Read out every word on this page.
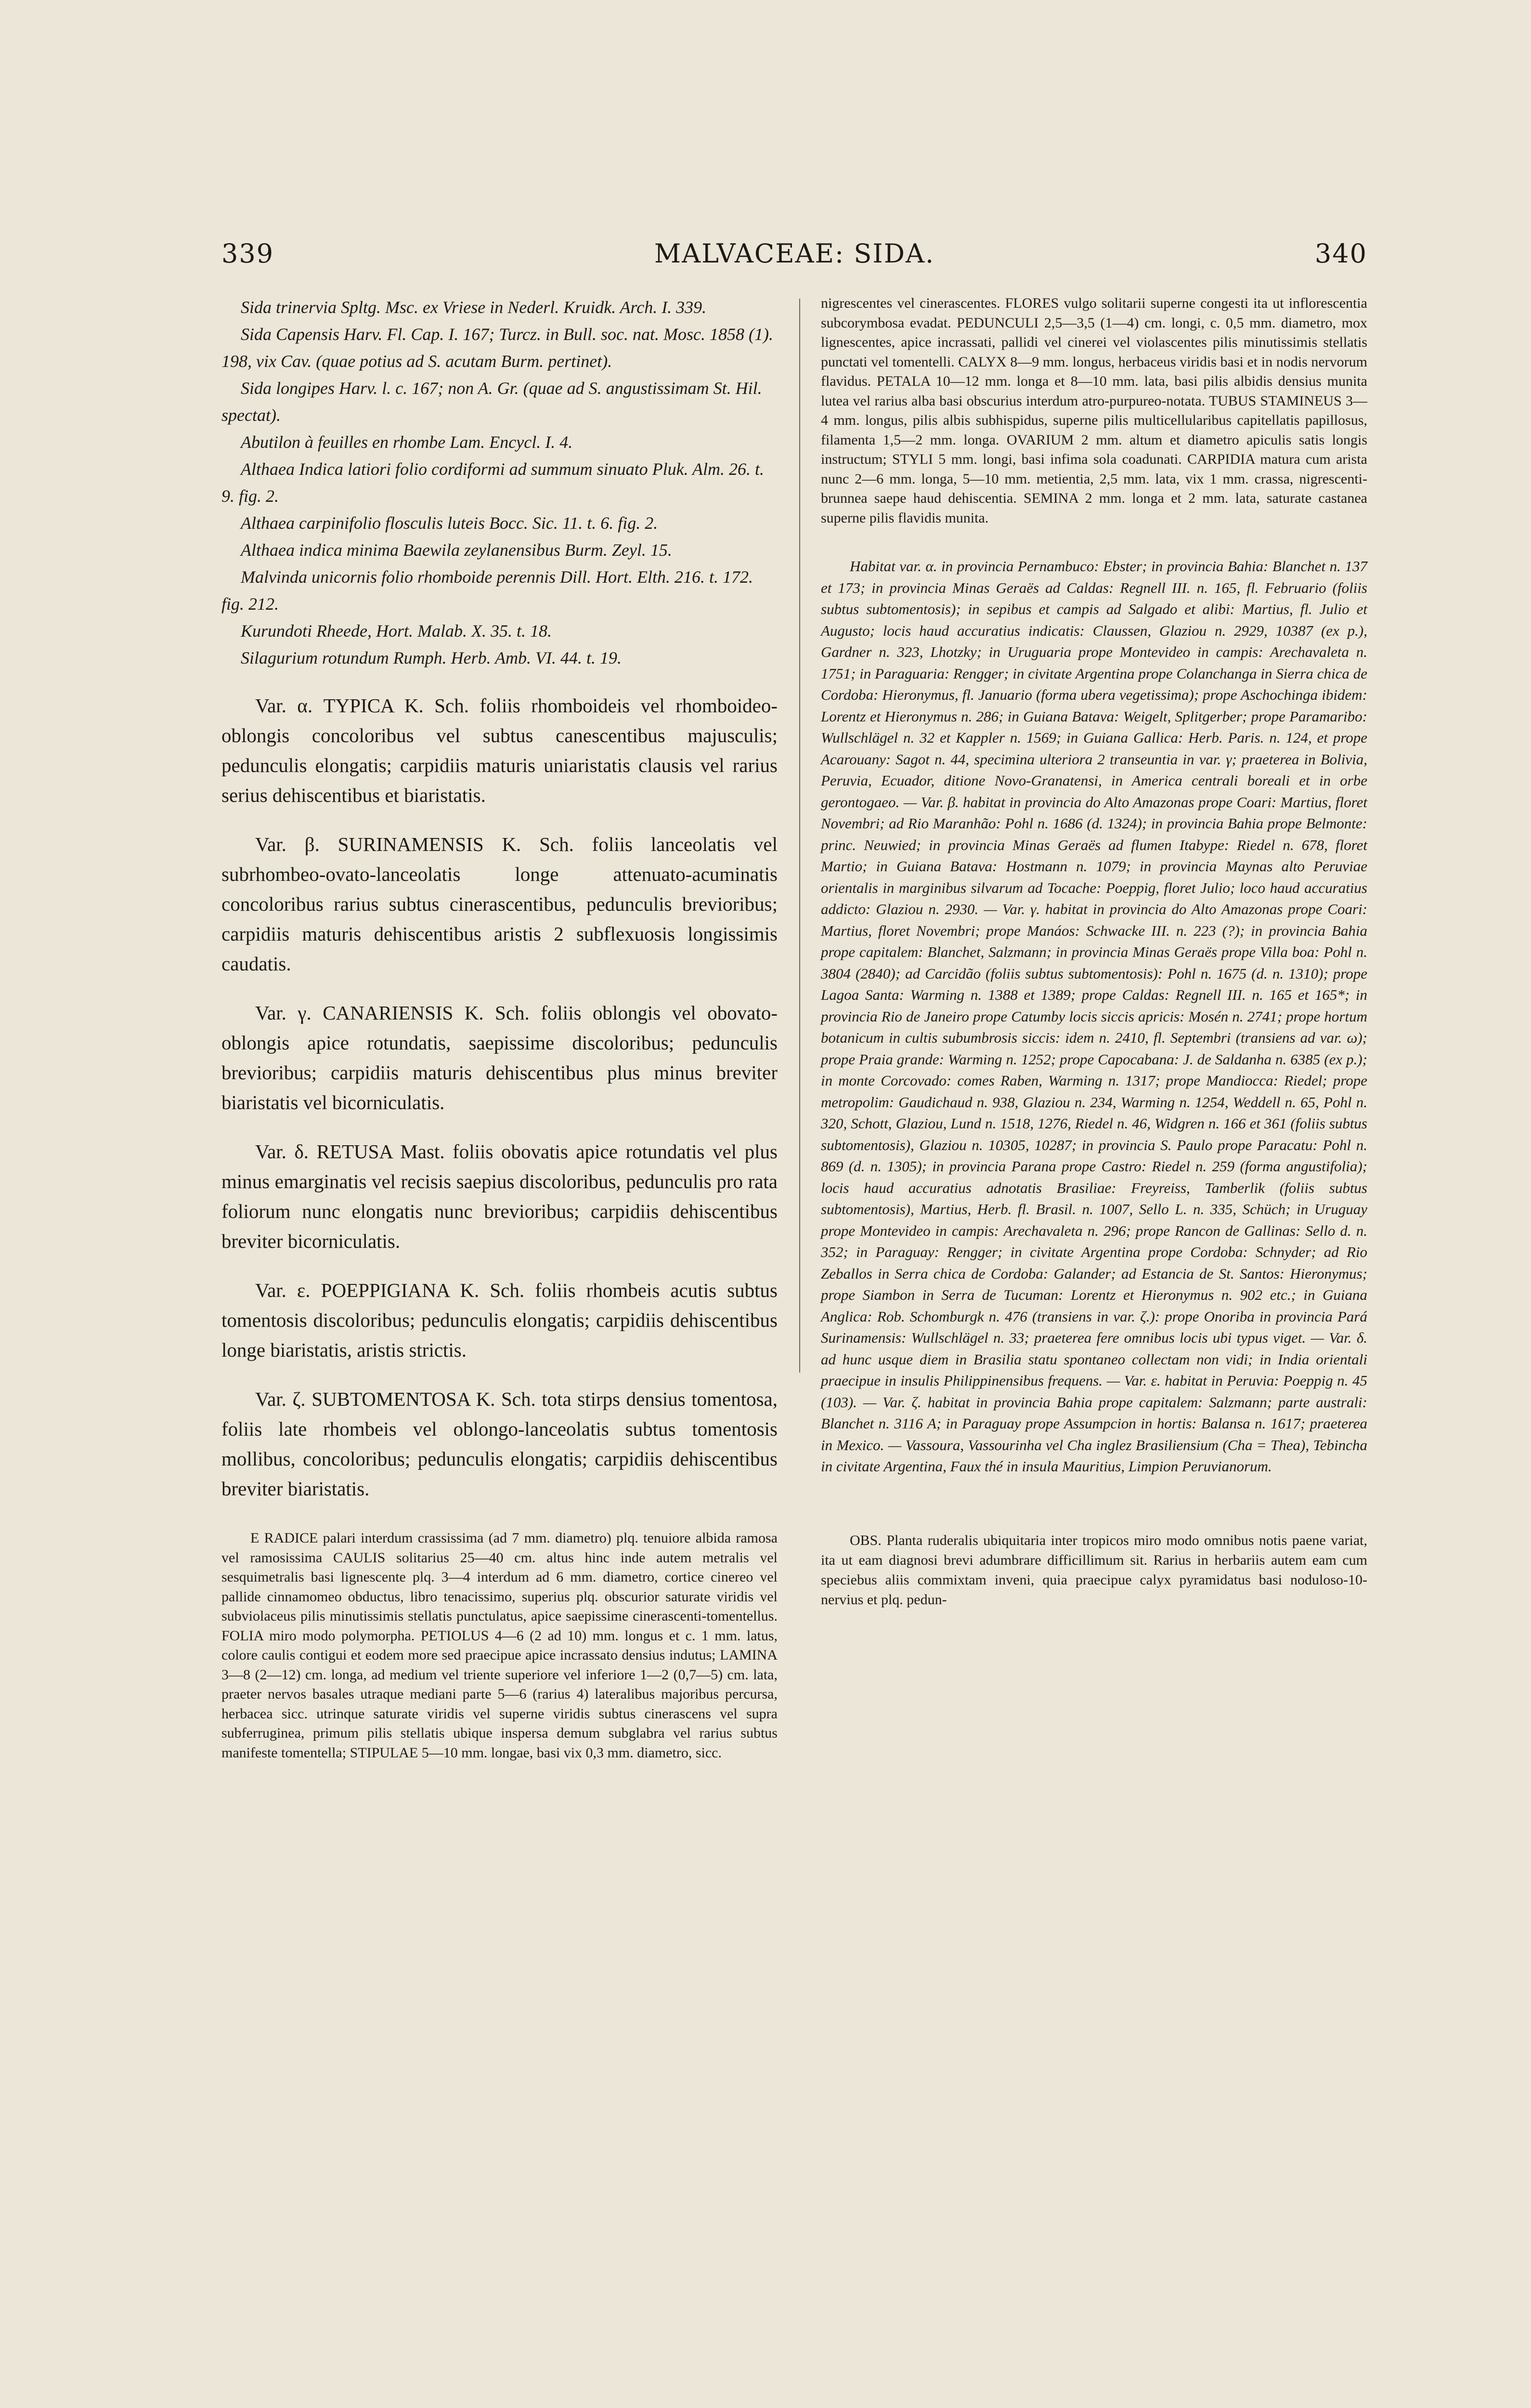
339	MALVACEAE: SIDA.	340

Sida trinervia Spltg. Msc. ex Vriese in Nederl. Kruidk. Arch. I. 339.

Sida Capensis Harv. Fl. Cap. I. 167; Turcz. in Bull. soc. nat. Mosc. 1858 (1). 198, vix Cav. (quae potius ad S. acutam Burm. pertinet).

Sida longipes Harv. l. c. 167; non A. Gr. (quae ad S. angustissimam St. Hil. spectat).

Abutilon à feuilles en rhombe Lam. Encycl. I. 4.

Althaea Indica latiori folio cordiformi ad summum sinuato Pluk. Alm. 26. t. 9. fig. 2.

Althaea carpinifolio flosculis luteis Bocc. Sic. 11. t. 6. fig. 2.

Althaea indica minima Baewila zeylanensibus Burm. Zeyl. 15.

Malvinda unicornis folio rhomboide perennis Dill. Hort. Elth. 216. t. 172. fig. 212.

Kurundoti Rheede, Hort. Malab. X. 35. t. 18.

Silagurium rotundum Rumph. Herb. Amb. VI. 44. t. 19.

Var. α. TYPICA K. Sch. foliis rhomboideis vel rhomboideo-oblongis concoloribus vel subtus canescentibus majusculis; pedunculis elongatis; carpidiis maturis uniaristatis clausis vel rarius serius dehiscentibus et biaristatis.

Var. β. SURINAMENSIS K. Sch. foliis lanceolatis vel subrhombeo-ovato-lanceolatis longe attenuato-acuminatis concoloribus rarius subtus cinerascentibus, pedunculis brevioribus; carpidiis maturis dehiscentibus aristis 2 subflexuosis longissimis caudatis.

Var. γ. CANARIENSIS K. Sch. foliis oblongis vel obovato-oblongis apice rotundatis, saepissime discoloribus; pedunculis brevioribus; carpidiis maturis dehiscentibus plus minus breviter biaristatis vel bicorniculatis.

Var. δ. RETUSA Mast. foliis obovatis apice rotundatis vel plus minus emarginatis vel recisis saepius discoloribus, pedunculis pro rata foliorum nunc elongatis nunc brevioribus; carpidiis dehiscentibus breviter bicorniculatis.

Var. ε. POEPPIGIANA K. Sch. foliis rhombeis acutis subtus tomentosis discoloribus; pedunculis elongatis; carpidiis dehiscentibus longe biaristatis, aristis strictis.

Var. ζ. SUBTOMENTOSA K. Sch. tota stirps densius tomentosa, foliis late rhombeis vel oblongo-lanceolatis subtus tomentosis mollibus, concoloribus; pedunculis elongatis; carpidiis dehiscentibus breviter biaristatis.

E RADICE palari interdum crassissima (ad 7 mm. diametro) plq. tenuiore albida ramosa vel ramosissima CAULIS solitarius 25—40 cm. altus hinc inde autem metralis vel sesquimetralis basi lignescente plq. 3—4 interdum ad 6 mm. diametro, cortice cinereo vel pallide cinnamomeo obductus, libro tenacissimo, superius plq. obscurior saturate viridis vel subviolaceus pilis minutissimis stellatis punctulatus, apice saepissime cinerascenti-tomentellus. FOLIA miro modo polymorpha. PETIOLUS 4—6 (2 ad 10) mm. longus et c. 1 mm. latus, colore caulis contigui et eodem more sed praecipue apice incrassato densius indutus; LAMINA 3—8 (2—12) cm. longa, ad medium vel triente superiore vel inferiore 1—2 (0,7—5) cm. lata, praeter nervos basales utraque mediani parte 5—6 (rarius 4) lateralibus majoribus percursa, herbacea sicc. utrinque saturate viridis vel superne viridis subtus cinerascens vel supra subferruginea, primum pilis stellatis ubique inspersa demum subglabra vel rarius subtus manifeste tomentella; STIPULAE 5—10 mm. longae, basi vix 0,3 mm. diametro, sicc.

nigrescentes vel cinerascentes. FLORES vulgo solitarii superne congesti ita ut inflorescentia subcorymbosa evadat. PEDUNCULI 2,5—3,5 (1—4) cm. longi, c. 0,5 mm. diametro, mox lignescentes, apice incrassati, pallidi vel cinerei vel violascentes pilis minutissimis stellatis punctati vel tomentelli. CALYX 8—9 mm. longus, herbaceus viridis basi et in nodis nervorum flavidus. PETALA 10—12 mm. longa et 8—10 mm. lata, basi pilis albidis densius munita lutea vel rarius alba basi obscurius interdum atro-purpureo-notata. TUBUS STAMINEUS 3—4 mm. longus, pilis albis subhispidus, superne pilis multicellularibus capitellatis papillosus, filamenta 1,5—2 mm. longa. OVARIUM 2 mm. altum et diametro apiculis satis longis instructum; STYLI 5 mm. longi, basi infima sola coadunati. CARPIDIA matura cum arista nunc 2—6 mm. longa, 5—10 mm. metientia, 2,5 mm. lata, vix 1 mm. crassa, nigrescenti-brunnea saepe haud dehiscentia. SEMINA 2 mm. longa et 2 mm. lata, saturate castanea superne pilis flavidis munita.

Habitat var. α. in provincia Pernambuco: Ebster; in provincia Bahia: Blanchet n. 137 et 173; in provincia Minas Geraës ad Caldas: Regnell III. n. 165, fl. Februario (foliis subtus subtomentosis); in sepibus et campis ad Salgado et alibi: Martius, fl. Julio et Augusto; locis haud accuratius indicatis: Claussen, Glaziou n. 2929, 10387 (ex p.), Gardner n. 323, Lhotzky; in Uruguaria prope Montevideo in campis: Arechavaleta n. 1751; in Paraguaria: Rengger; in civitate Argentina prope Colanchanga in Sierra chica de Cordoba: Hieronymus, fl. Januario (forma ubera vegetissima); prope Aschochinga ibidem: Lorentz et Hieronymus n. 286; in Guiana Batava: Weigelt, Splitgerber; prope Paramaribo: Wullschlägel n. 32 et Kappler n. 1569; in Guiana Gallica: Herb. Paris. n. 124, et prope Acarouany: Sagot n. 44, specimina ulteriora 2 transeuntia in var. γ; praeterea in Bolivia, Peruvia, Ecuador, ditione Novo-Granatensi, in America centrali boreali et in orbe gerontogaeo. — Var. β. habitat in provincia do Alto Amazonas prope Coari: Martius, floret Novembri; ad Rio Maranhão: Pohl n. 1686 (d. 1324); in provincia Bahia prope Belmonte: princ. Neuwied; in provincia Minas Geraës ad flumen Itabype: Riedel n. 678, floret Martio; in Guiana Batava: Hostmann n. 1079; in provincia Maynas alto Peruviae orientalis in marginibus silvarum ad Tocache: Poeppig, floret Julio; loco haud accuratius addicto: Glaziou n. 2930. — Var. γ. habitat in provincia do Alto Amazonas prope Coari: Martius, floret Novembri; prope Manáos: Schwacke III. n. 223 (?); in provincia Bahia prope capitalem: Blanchet, Salzmann; in provincia Minas Geraës prope Villa boa: Pohl n. 3804 (2840); ad Carcidão (foliis subtus subtomentosis): Pohl n. 1675 (d. n. 1310); prope Lagoa Santa: Warming n. 1388 et 1389; prope Caldas: Regnell III. n. 165 et 165*; in provincia Rio de Janeiro prope Catumby locis siccis apricis: Mosén n. 2741; prope hortum botanicum in cultis subumbrosis siccis: idem n. 2410, fl. Septembri (transiens ad var. ω); prope Praia grande: Warming n. 1252; prope Capocabana: J. de Saldanha n. 6385 (ex p.); in monte Corcovado: comes Raben, Warming n. 1317; prope Mandiocca: Riedel; prope metropolim: Gaudichaud n. 938, Glaziou n. 234, Warming n. 1254, Weddell n. 65, Pohl n. 320, Schott, Glaziou, Lund n. 1518, 1276, Riedel n. 46, Widgren n. 166 et 361 (foliis subtus subtomentosis), Glaziou n. 10305, 10287; in provincia S. Paulo prope Paracatu: Pohl n. 869 (d. n. 1305); in provincia Parana prope Castro: Riedel n. 259 (forma angustifolia); locis haud accuratius adnotatis Brasiliae: Freyreiss, Tamberlik (foliis subtus subtomentosis), Martius, Herb. fl. Brasil. n. 1007, Sello L. n. 335, Schüch; in Uruguay prope Montevideo in campis: Arechavaleta n. 296; prope Rancon de Gallinas: Sello d. n. 352; in Paraguay: Rengger; in civitate Argentina prope Cordoba: Schnyder; ad Rio Zeballos in Serra chica de Cordoba: Galander; ad Estancia de St. Santos: Hieronymus; prope Siambon in Serra de Tucuman: Lorentz et Hieronymus n. 902 etc.; in Guiana Anglica: Rob. Schomburgk n. 476 (transiens in var. ζ.): prope Onoriba in provincia Pará Surinamensis: Wullschlägel n. 33; praeterea fere omnibus locis ubi typus viget. — Var. δ. ad hunc usque diem in Brasilia statu spontaneo collectam non vidi; in India orientali praecipue in insulis Philippinensibus frequens. — Var. ε. habitat in Peruvia: Poeppig n. 45 (103). — Var. ζ. habitat in provincia Bahia prope capitalem: Salzmann; parte australi: Blanchet n. 3116 A; in Paraguay prope Assumpcion in hortis: Balansa n. 1617; praeterea in Mexico. — Vassoura, Vassourinha vel Cha inglez Brasiliensium (Cha = Thea), Tebincha in civitate Argentina, Faux thé in insula Mauritius, Limpion Peruvianorum.

OBS. Planta ruderalis ubiquitaria inter tropicos miro modo omnibus notis paene variat, ita ut eam diagnosi brevi adumbrare difficillimum sit. Rarius in herbariis autem eam cum speciebus aliis commixtam inveni, quia praecipue calyx pyramidatus basi noduloso-10-nervius et plq. pedun-
